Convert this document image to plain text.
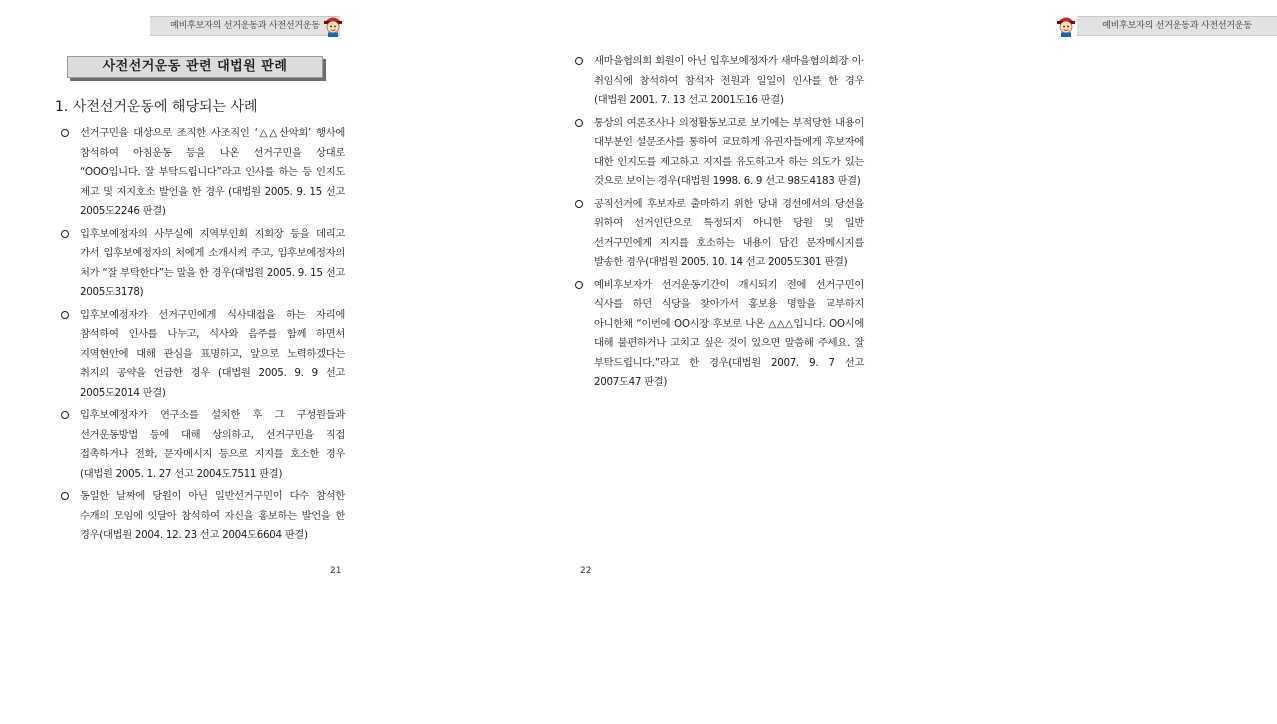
예비후보자의 선거운동과 사전선거운동
사전선거운동 관련 대법원 판례
1. 사전선거운동에 해당되는 사례
선거구민을 대상으로 조직한 사조직인 ‘△△산악회’ 행사에 참석하여 아침운동 등을 나온 선거구민을 상대로 “OOO입니다. 잘 부탁드립니다”라고 인사를 하는 등 인지도 제고 및 지지호소 발언을 한 경우 (대법원 2005. 9. 15 선고 2005도2246 판결)
입후보예정자의 사무실에 지역부인회 지회장 등을 데리고 가서 입후보예정자의 처에게 소개시켜 주고, 입후보예정자의 처가 “잘 부탁한다”는 말을 한 경우(대법원 2005. 9. 15 선고 2005도3178)
입후보예정자가 선거구민에게 식사대접을 하는 자리에 참석하여 인사를 나누고, 식사와 음주를 함께 하면서 지역현안에 대해 관심을 표명하고, 앞으로 노력하겠다는 취지의 공약을 언급한 경우 (대법원 2005. 9. 9 선고 2005도2014 판결)
입후보예정자가 연구소를 설치한 후 그 구성원들과 선거운동방법 등에 대해 상의하고, 선거구민을 직접 접촉하거나 전화, 문자메시지 등으로 지지를 호소한 경우(대법원 2005. 1. 27 선고 2004도7511 판결)
동일한 날짜에 당원이 아닌 일반선거구민이 다수 참석한 수개의 모임에 잇달아 참석하여 자신을 홍보하는 발언을 한 경우(대법원 2004. 12. 23 선고 2004도6604 판결)
21
예비후보자의 선거운동과 사전선거운동
새마을협의회 회원이 아닌 입후보예정자가 새마을협의회장 이·취임식에 참석하여 참석자 전원과 일일이 인사를 한 경우(대법원 2001. 7. 13 선고 2001도16 판결)
통상의 여론조사나 의정활동보고로 보기에는 부적당한 내용이 대부분인 설문조사를 통하여 교묘하게 유권자들에게 후보자에 대한 인지도를 제고하고 지지를 유도하고자 하는 의도가 있는 것으로 보이는 경우(대법원 1998. 6. 9 선고 98도4183 판결)
공직선거에 후보자로 출마하기 위한 당내 경선에서의 당선을 위하여 선거인단으로 특정되지 아니한 당원 및 일반 선거구민에게 지지를 호소하는 내용이 담긴 문자메시지를 발송한 경우(대법원 2005. 10. 14 선고 2005도301 판결)
예비후보자가 선거운동기간이 개시되기 전에 선거구민이 식사를 하던 식당을 찾아가서 홍보용 명함을 교부하지 아니한채 “이번에 OO시장 후보로 나온 △△△입니다. OO시에 대해 불편하거나 고치고 싶은 것이 있으면 말씀해 주세요. 잘 부탁드립니다.”라고 한 경우(대법원 2007. 9. 7 선고 2007도47 판결)
22
